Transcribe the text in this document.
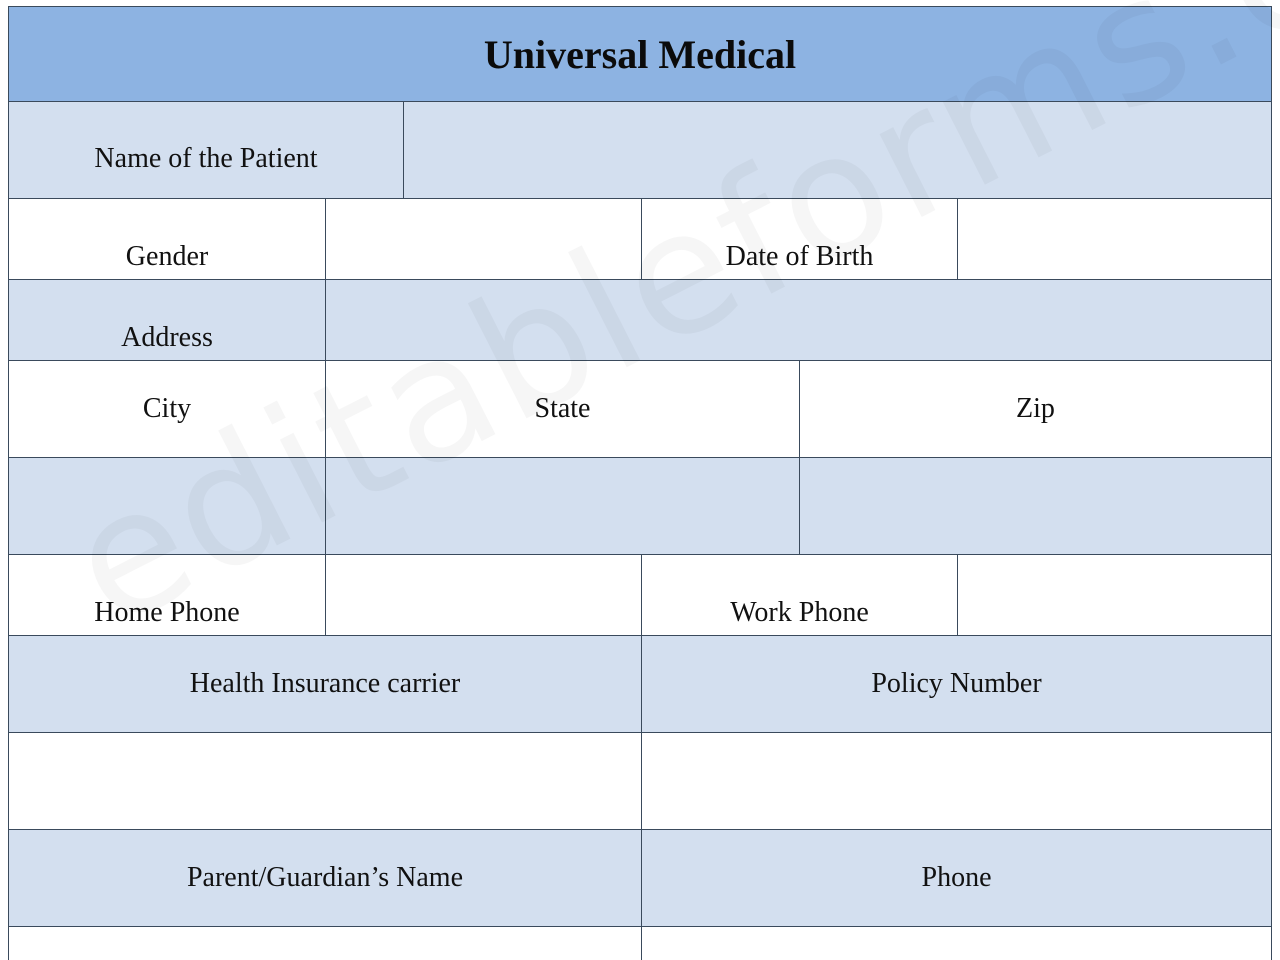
Universal Medical
Name of the Patient
Gender	Date of Birth
Address
City	State	Zip
Home Phone	Work Phone
Health Insurance carrier	Policy Number
Parent/Guardian’s Name	Phone
